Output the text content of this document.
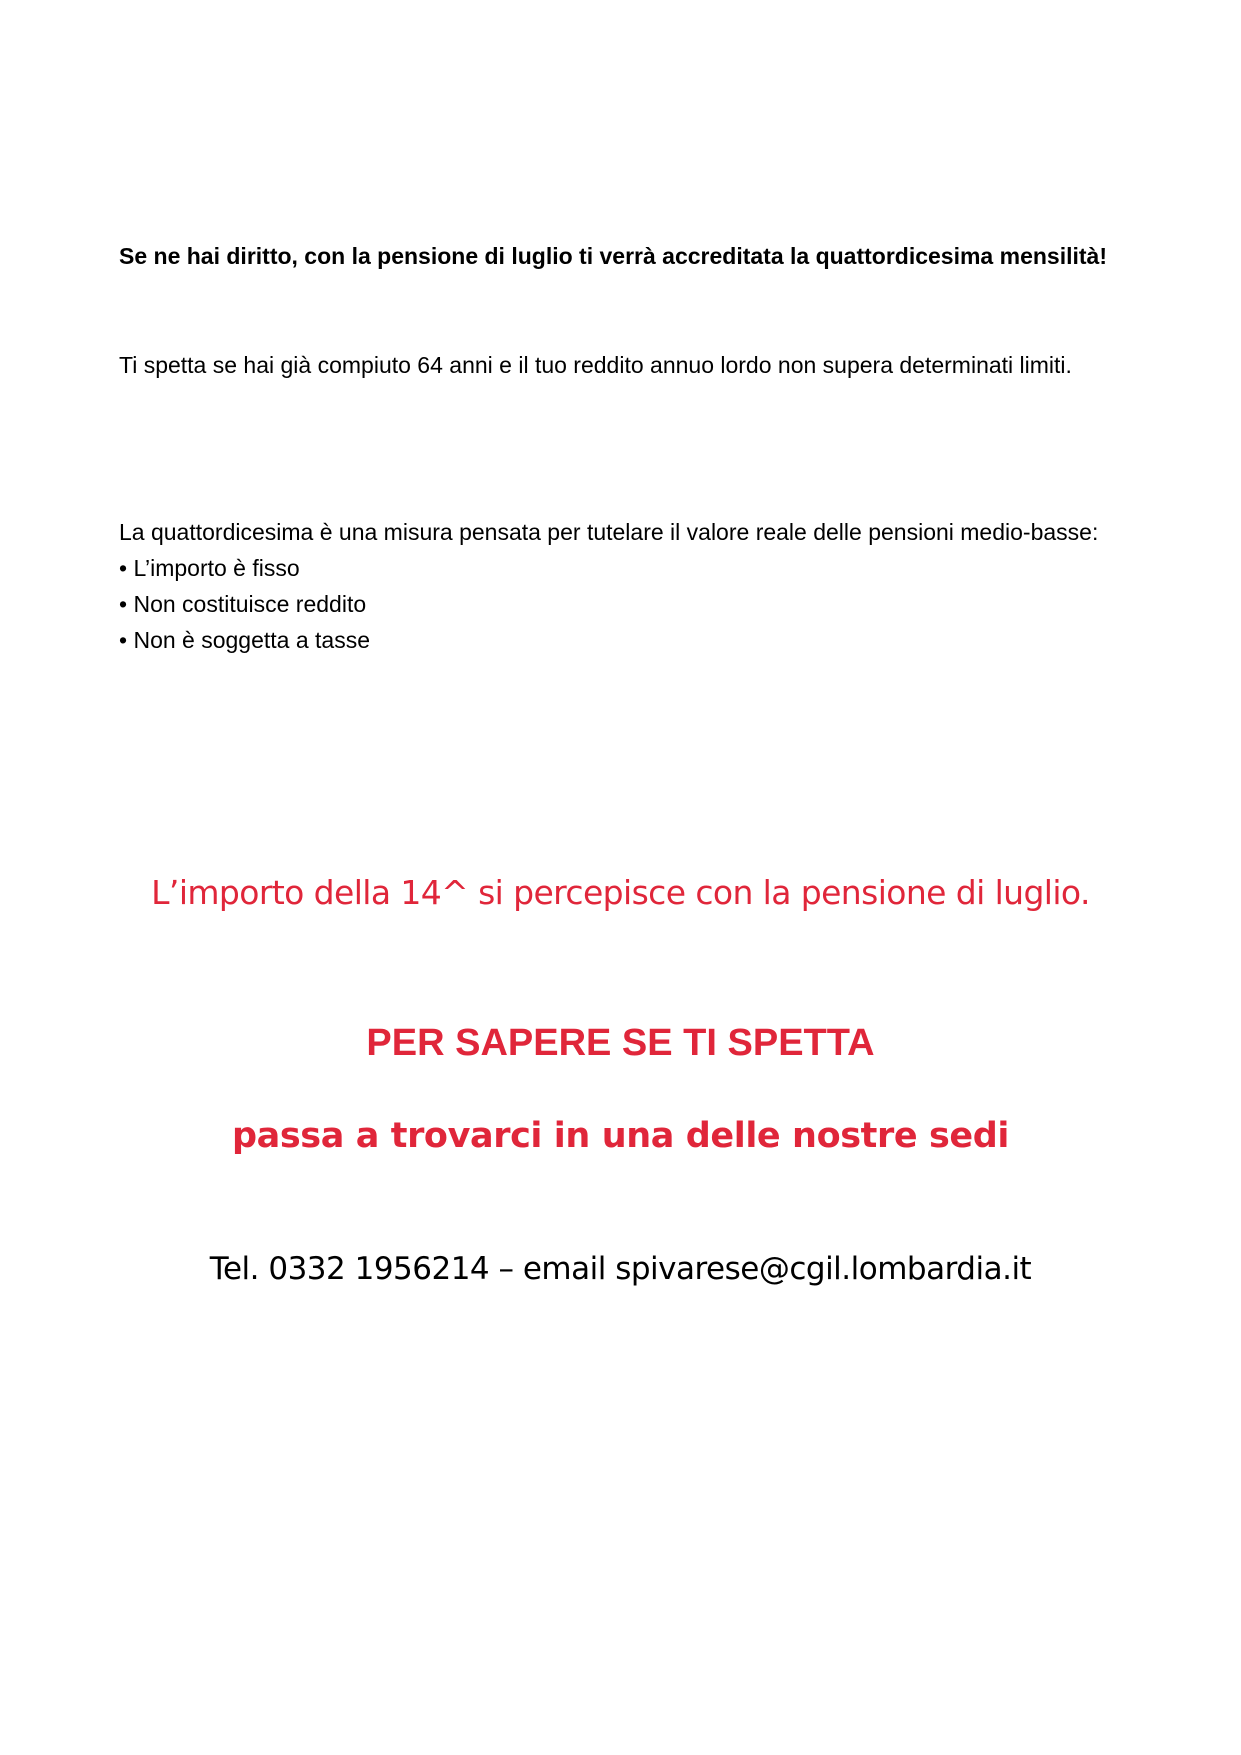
Se ne hai diritto, con la pensione di luglio ti verrà accreditata la quattordicesima mensilità!

Ti spetta se hai già compiuto 64 anni e il tuo reddito annuo lordo non supera determinati limiti.

La quattordicesima è una misura pensata per tutelare il valore reale delle pensioni medio-basse:

• L’importo è fisso
• Non costituisce reddito
• Non è soggetta a tasse

L’importo della 14^ si percepisce con la pensione di luglio.

PER SAPERE SE TI SPETTA

passa a trovarci in una delle nostre sedi

Tel. 0332 1956214 – email spivarese@cgil.lombardia.it
